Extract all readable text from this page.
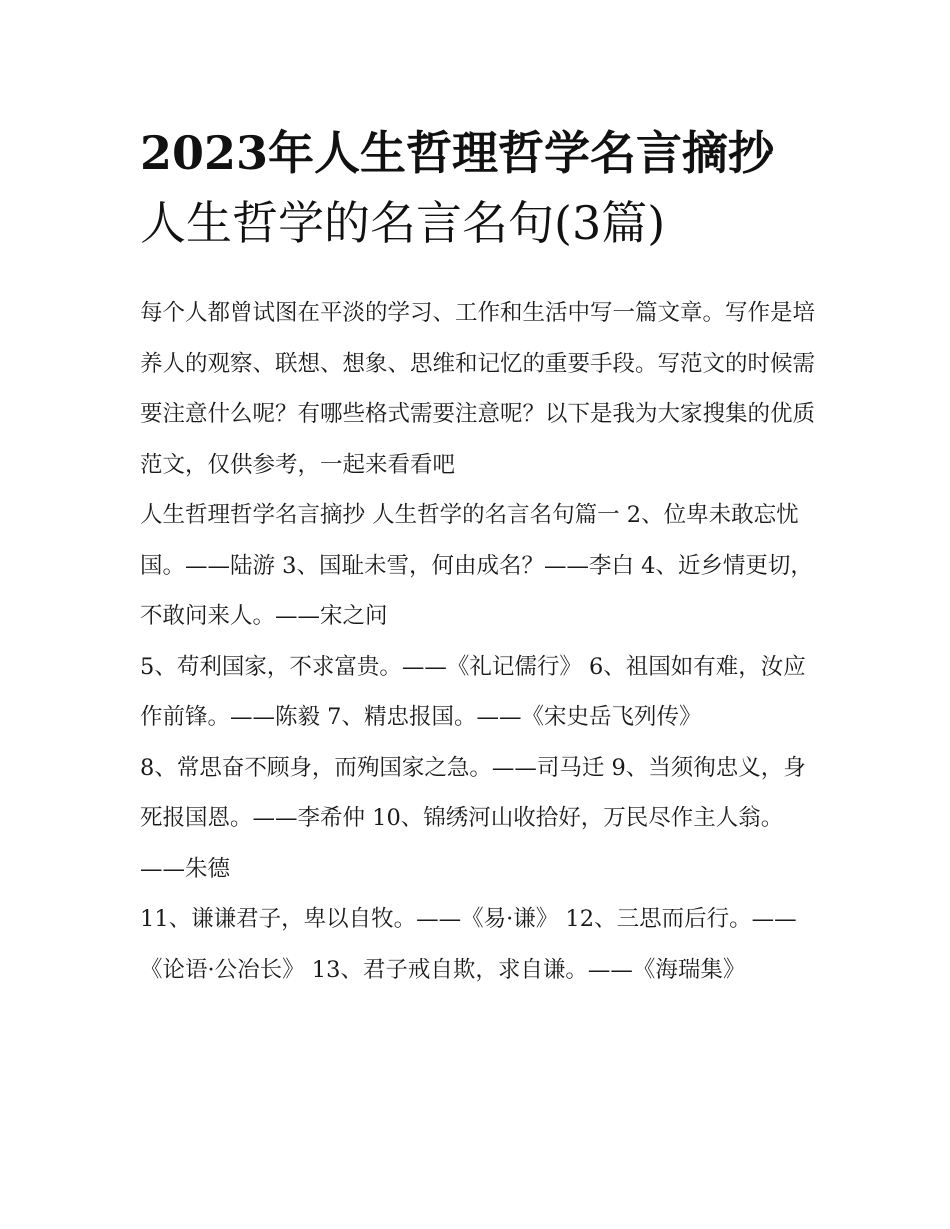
2023年人生哲理哲学名言摘抄
人生哲学的名言名句(3篇)

每个人都曾试图在平淡的学习、工作和生活中写一篇文章。写作是培养人的观察、联想、想象、思维和记忆的重要手段。写范文的时候需要注意什么呢？有哪些格式需要注意呢？以下是我为大家搜集的优质范文，仅供参考，一起来看看吧

人生哲理哲学名言摘抄 人生哲学的名言名句篇一 2、位卑未敢忘忧国。——陆游 3、国耻未雪，何由成名？——李白 4、近乡情更切，不敢问来人。——宋之问

5、苟利国家，不求富贵。——《礼记儒行》 6、祖国如有难，汝应作前锋。——陈毅 7、精忠报国。——《宋史岳飞列传》

8、常思奋不顾身，而殉国家之急。——司马迁 9、当须徇忠义，身死报国恩。——李希仲 10、锦绣河山收拾好，万民尽作主人翁。——朱德

11、谦谦君子，卑以自牧。——《易·谦》 12、三思而后行。——《论语·公冶长》 13、君子戒自欺，求自谦。——《海瑞集》
